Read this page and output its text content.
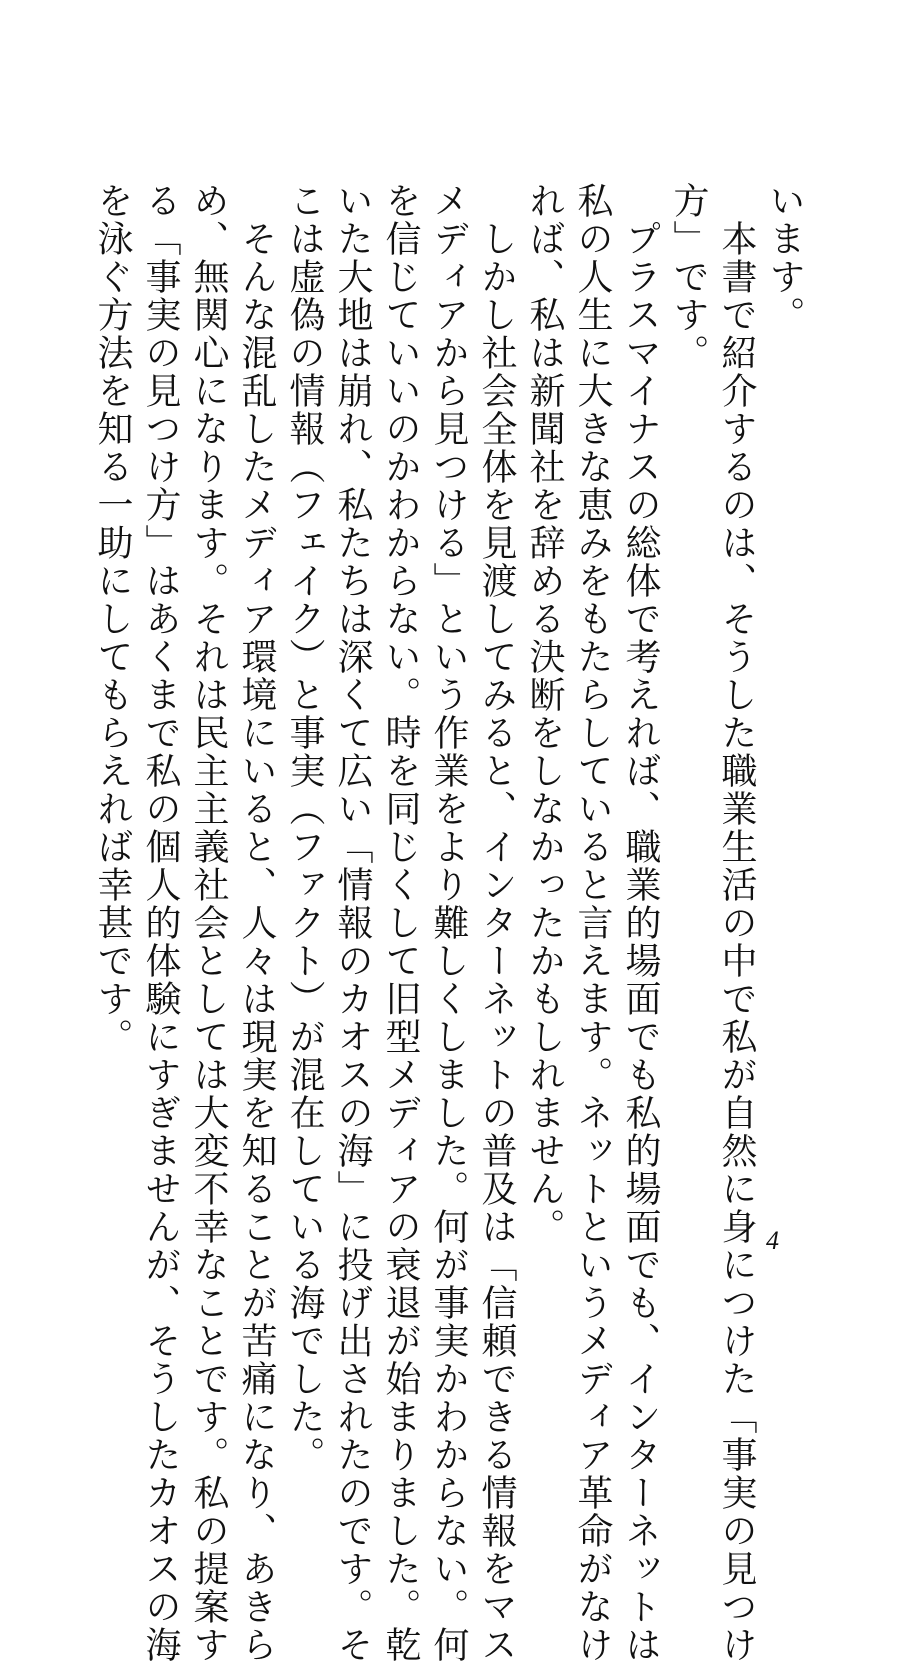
います。
　本書で紹介するのは、そうした職業生活の中で私が自然に身につけた「事実の見つけ
方」です。
　プラスマイナスの総体で考えれば、職業的場面でも私的場面でも、インターネットは
私の人生に大きな恵みをもたらしていると言えます。ネットというメディア革命がなけ
れば、私は新聞社を辞める決断をしなかったかもしれません。
　しかし社会全体を見渡してみると、インターネットの普及は「信頼できる情報をマス
メディアから見つける」という作業をより難しくしました。何が事実かわからない。何
を信じていいのかわからない。時を同じくして旧型メディアの衰退が始まりました。乾
いた大地は崩れ、私たちは深くて広い「情報のカオスの海」に投げ出されたのです。そ
こは虚偽の情報（フェイク）と事実（ファクト）が混在している海でした。
　そんな混乱したメディア環境にいると、人々は現実を知ることが苦痛になり、あきら
め、無関心になります。それは民主主義社会としては大変不幸なことです。私の提案す
る「事実の見つけ方」はあくまで私の個人的体験にすぎませんが、そうしたカオスの海
を泳ぐ方法を知る一助にしてもらえれば幸甚です。
4
